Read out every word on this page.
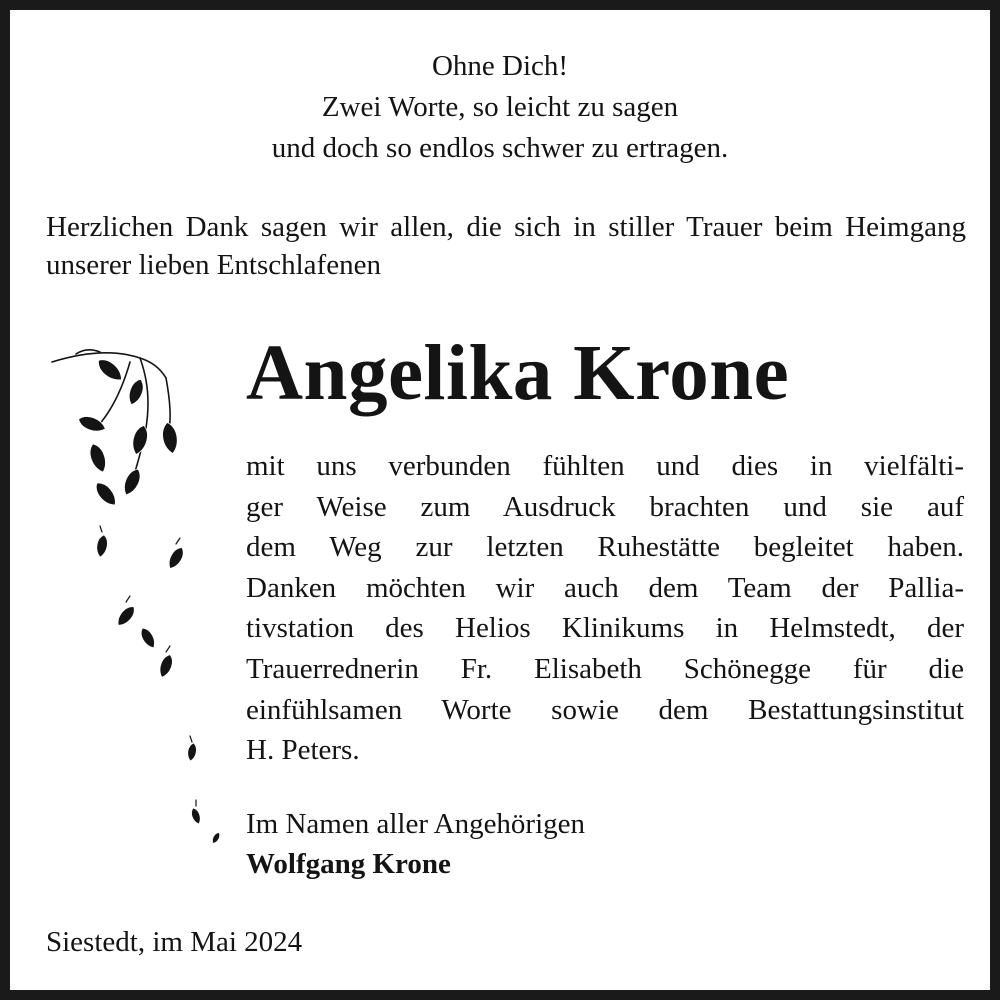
Ohne Dich!
Zwei Worte, so leicht zu sagen
und doch so endlos schwer zu ertragen.
Herzlichen Dank sagen wir allen, die sich in stiller Trauer beim Heimgang unserer lieben Entschlafenen
Angelika Krone
mit uns verbunden fühlten und dies in vielfälti-
ger Weise zum Ausdruck brachten und sie auf
dem Weg zur letzten Ruhestätte begleitet haben.
Danken möchten wir auch dem Team der Pallia-
tivstation des Helios Klinikums in Helmstedt, der
Trauerrednerin Fr. Elisabeth Schönegge für die
einfühlsamen Worte sowie dem Bestattungsinstitut
H. Peters.
Im Namen aller Angehörigen
Wolfgang Krone
Siestedt, im Mai 2024
